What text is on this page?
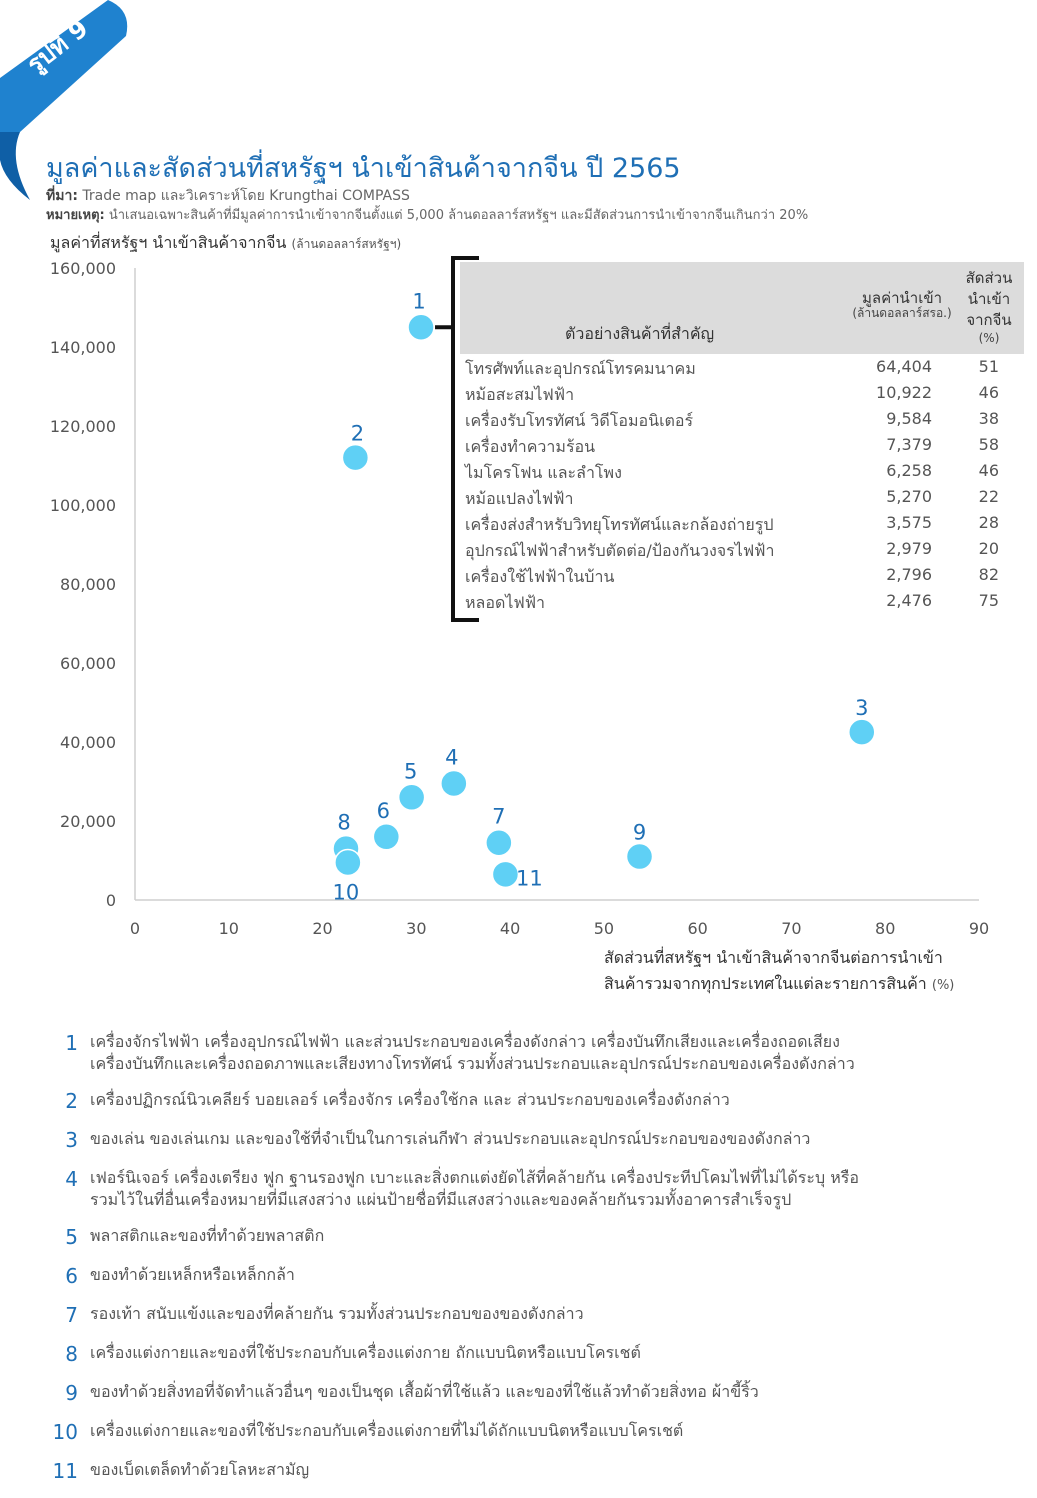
รูปที่ 9
มูลค่าและสัดส่วนที่สหรัฐฯ นำเข้าสินค้าจากจีน ปี 2565
ที่มา: Trade map และวิเคราะห์โดย Krungthai COMPASS
หมายเหตุ: นำเสนอเฉพาะสินค้าที่มีมูลค่าการนำเข้าจากจีนตั้งแต่ 5,000 ล้านดอลลาร์สหรัฐฯ และมีสัดส่วนการนำเข้าจากจีนเกินกว่า 20%
มูลค่าที่สหรัฐฯ นำเข้าสินค้าจากจีน (ล้านดอลลาร์สหรัฐฯ)
0
20,000
40,000
60,000
80,000
100,000
120,000
140,000
160,000
0	10	20	30	40	50	60	70	80	90
1
2
3
4
5
6	7
8	9
10
11
สัดส่วนที่สหรัฐฯ นำเข้าสินค้าจากจีนต่อการนำเข้า
สินค้ารวมจากทุกประเทศในแต่ละรายการสินค้า (%)
ตัวอย่างสินค้าที่สำคัญ
มูลค่านำเข้า
(ล้านดอลลาร์สรอ.)
สัดส่วน
นำเข้า
จากจีน
(%)
โทรศัพท์และอุปกรณ์โทรคมนาคม	64,404	51
หม้อสะสมไฟฟ้า	10,922	46
เครื่องรับโทรทัศน์ วิดีโอมอนิเตอร์	9,584	38
เครื่องทำความร้อน	7,379	58
ไมโครโฟน และลำโพง	6,258	46
หม้อแปลงไฟฟ้า	5,270	22
เครื่องส่งสำหรับวิทยุโทรทัศน์และกล้องถ่ายรูป	3,575	28
อุปกรณ์ไฟฟ้าสำหรับตัดต่อ/ป้องกันวงจรไฟฟ้า	2,979	20
เครื่องใช้ไฟฟ้าในบ้าน	2,796	82
หลอดไฟฟ้า	2,476	75
1 เครื่องจักรไฟฟ้า เครื่องอุปกรณ์ไฟฟ้า และส่วนประกอบของเครื่องดังกล่าว เครื่องบันทึกเสียงและเครื่องถอดเสียง
เครื่องบันทึกและเครื่องถอดภาพและเสียงทางโทรทัศน์ รวมทั้งส่วนประกอบและอุปกรณ์ประกอบของเครื่องดังกล่าว
2 เครื่องปฏิกรณ์นิวเคลียร์ บอยเลอร์ เครื่องจักร เครื่องใช้กล และ ส่วนประกอบของเครื่องดังกล่าว
3 ของเล่น ของเล่นเกม และของใช้ที่จำเป็นในการเล่นกีฬา ส่วนประกอบและอุปกรณ์ประกอบของของดังกล่าว
4 เฟอร์นิเจอร์ เครื่องเตรียง ฟูก ฐานรองฟูก เบาะและสิ่งตกแต่งยัดไส้ที่คล้ายกัน เครื่องประทีปโคมไฟที่ไม่ได้ระบุ หรือ
รวมไว้ในที่อื่นเครื่องหมายที่มีแสงสว่าง แผ่นป้ายชื่อที่มีแสงสว่างและของคล้ายกันรวมทั้งอาคารสำเร็จรูป
5 พลาสติกและของที่ทำด้วยพลาสติก
6 ของทำด้วยเหล็กหรือเหล็กกล้า
7 รองเท้า สนับแข้งและของที่คล้ายกัน รวมทั้งส่วนประกอบของของดังกล่าว
8 เครื่องแต่งกายและของที่ใช้ประกอบกับเครื่องแต่งกาย ถักแบบนิตหรือแบบโครเชต์
9 ของทำด้วยสิ่งทอที่จัดทำแล้วอื่นๆ ของเป็นชุด เสื้อผ้าที่ใช้แล้ว และของที่ใช้แล้วทำด้วยสิ่งทอ ผ้าขี้ริ้ว
10 เครื่องแต่งกายและของที่ใช้ประกอบกับเครื่องแต่งกายที่ไม่ได้ถักแบบนิตหรือแบบโครเชต์
11 ของเบ็ดเตล็ดทำด้วยโลหะสามัญ
